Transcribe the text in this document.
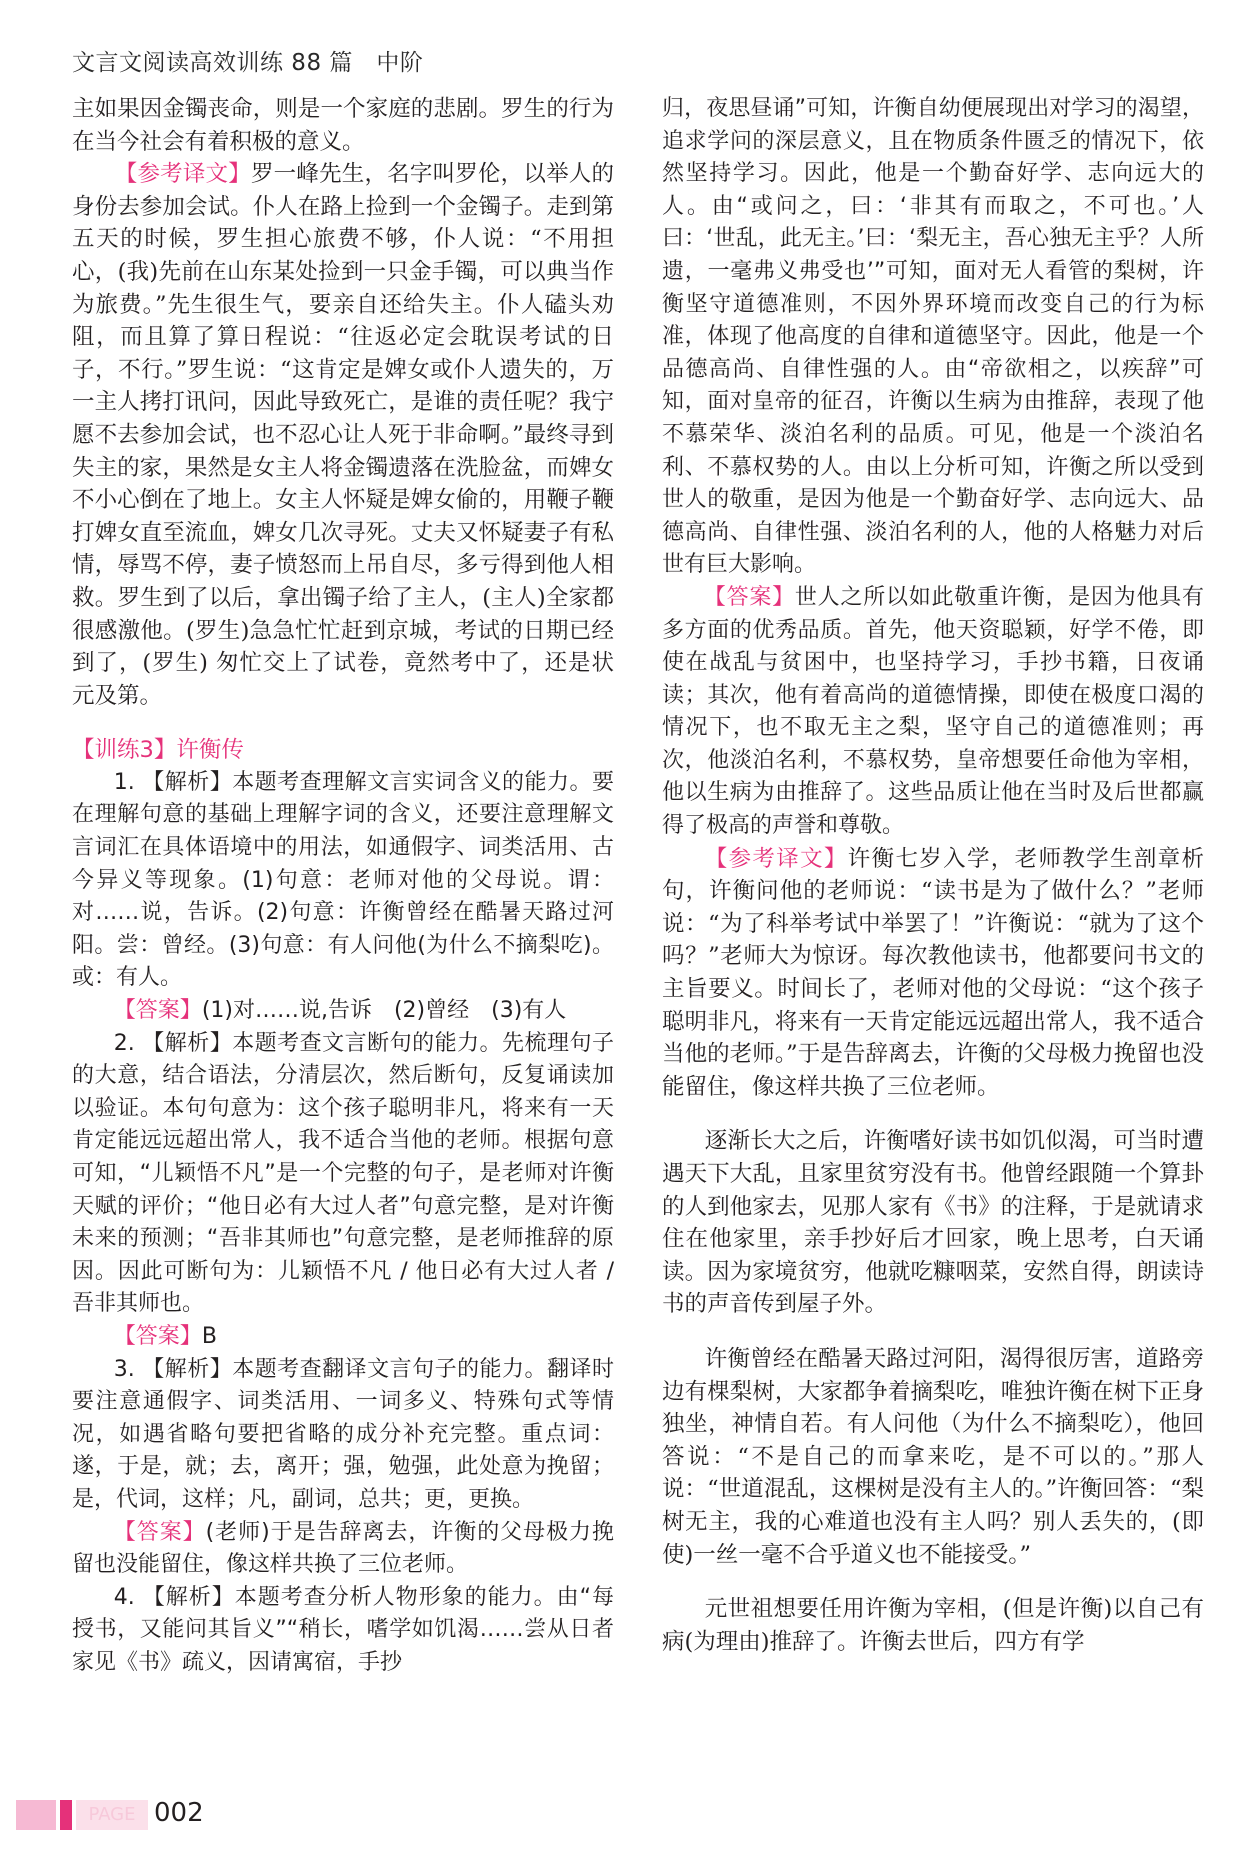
文言文阅读高效训练 88 篇　中阶

主如果因金镯丧命，则是一个家庭的悲剧。罗生的行为在当今社会有着积极的意义。

【参考译文】罗一峰先生，名字叫罗伦，以举人的身份去参加会试。仆人在路上捡到一个金镯子。走到第五天的时候，罗生担心旅费不够，仆人说：“不用担心，(我)先前在山东某处捡到一只金手镯，可以典当作为旅费。”先生很生气，要亲自还给失主。仆人磕头劝阻，而且算了算日程说：“往返必定会耽误考试的日子，不行。”罗生说：“这肯定是婢女或仆人遗失的，万一主人拷打讯问，因此导致死亡，是谁的责任呢？我宁愿不去参加会试，也不忍心让人死于非命啊。”最终寻到失主的家，果然是女主人将金镯遗落在洗脸盆，而婢女不小心倒在了地上。女主人怀疑是婢女偷的，用鞭子鞭打婢女直至流血，婢女几次寻死。丈夫又怀疑妻子有私情，辱骂不停，妻子愤怒而上吊自尽，多亏得到他人相救。罗生到了以后，拿出镯子给了主人，(主人)全家都很感激他。(罗生)急急忙忙赶到京城，考试的日期已经到了，(罗生) 匆忙交上了试卷，竟然考中了，还是状元及第。

【训练3】许衡传

1. 【解析】本题考查理解文言实词含义的能力。要在理解句意的基础上理解字词的含义，还要注意理解文言词汇在具体语境中的用法，如通假字、词类活用、古今异义等现象。(1)句意：老师对他的父母说。谓：对……说，告诉。(2)句意：许衡曾经在酷暑天路过河阳。尝：曾经。(3)句意：有人问他(为什么不摘梨吃)。或：有人。

【答案】(1)对……说,告诉　(2)曾经　(3)有人

2. 【解析】本题考查文言断句的能力。先梳理句子的大意，结合语法，分清层次，然后断句，反复诵读加以验证。本句句意为：这个孩子聪明非凡，将来有一天肯定能远远超出常人，我不适合当他的老师。根据句意可知，“儿颖悟不凡”是一个完整的句子，是老师对许衡天赋的评价；“他日必有大过人者”句意完整，是对许衡未来的预测；“吾非其师也”句意完整，是老师推辞的原因。因此可断句为：儿颖悟不凡 / 他日必有大过人者 / 吾非其师也。

【答案】B

3. 【解析】本题考查翻译文言句子的能力。翻译时要注意通假字、词类活用、一词多义、特殊句式等情况，如遇省略句要把省略的成分补充完整。重点词：遂，于是，就；去，离开；强，勉强，此处意为挽留；是，代词，这样；凡，副词，总共；更，更换。

【答案】(老师)于是告辞离去，许衡的父母极力挽留也没能留住，像这样共换了三位老师。

4. 【解析】本题考查分析人物形象的能力。由“每授书，又能问其旨义”“稍长，嗜学如饥渴……尝从日者家见《书》疏义，因请寓宿，手抄

归，夜思昼诵”可知，许衡自幼便展现出对学习的渴望，追求学问的深层意义，且在物质条件匮乏的情况下，依然坚持学习。因此，他是一个勤奋好学、志向远大的人。由“或问之，曰：‘非其有而取之，不可也。’人曰：‘世乱，此无主。’曰：‘梨无主，吾心独无主乎？人所遗，一毫弗义弗受也’”可知，面对无人看管的梨树，许衡坚守道德准则，不因外界环境而改变自己的行为标准，体现了他高度的自律和道德坚守。因此，他是一个品德高尚、自律性强的人。由“帝欲相之，以疾辞”可知，面对皇帝的征召，许衡以生病为由推辞，表现了他不慕荣华、淡泊名利的品质。可见，他是一个淡泊名利、不慕权势的人。由以上分析可知，许衡之所以受到世人的敬重，是因为他是一个勤奋好学、志向远大、品德高尚、自律性强、淡泊名利的人，他的人格魅力对后世有巨大影响。

【答案】世人之所以如此敬重许衡，是因为他具有多方面的优秀品质。首先，他天资聪颖，好学不倦，即使在战乱与贫困中，也坚持学习，手抄书籍，日夜诵读；其次，他有着高尚的道德情操，即使在极度口渴的情况下，也不取无主之梨，坚守自己的道德准则；再次，他淡泊名利，不慕权势，皇帝想要任命他为宰相，他以生病为由推辞了。这些品质让他在当时及后世都赢得了极高的声誉和尊敬。

【参考译文】许衡七岁入学，老师教学生剖章析句，许衡问他的老师说：“读书是为了做什么？”老师说：“为了科举考试中举罢了！”许衡说：“就为了这个吗？”老师大为惊讶。每次教他读书，他都要问书文的主旨要义。时间长了，老师对他的父母说：“这个孩子聪明非凡，将来有一天肯定能远远超出常人，我不适合当他的老师。”于是告辞离去，许衡的父母极力挽留也没能留住，像这样共换了三位老师。

逐渐长大之后，许衡嗜好读书如饥似渴，可当时遭遇天下大乱，且家里贫穷没有书。他曾经跟随一个算卦的人到他家去，见那人家有《书》的注释，于是就请求住在他家里，亲手抄好后才回家，晚上思考，白天诵读。因为家境贫穷，他就吃糠咽菜，安然自得，朗读诗书的声音传到屋子外。

许衡曾经在酷暑天路过河阳，渴得很厉害，道路旁边有棵梨树，大家都争着摘梨吃，唯独许衡在树下正身独坐，神情自若。有人问他（为什么不摘梨吃），他回答说：“不是自己的而拿来吃，是不可以的。”那人说：“世道混乱，这棵树是没有主人的。”许衡回答：“梨树无主，我的心难道也没有主人吗？别人丢失的，(即使)一丝一毫不合乎道义也不能接受。”

元世祖想要任用许衡为宰相，(但是许衡)以自己有病(为理由)推辞了。许衡去世后，四方有学

PAGE 002
